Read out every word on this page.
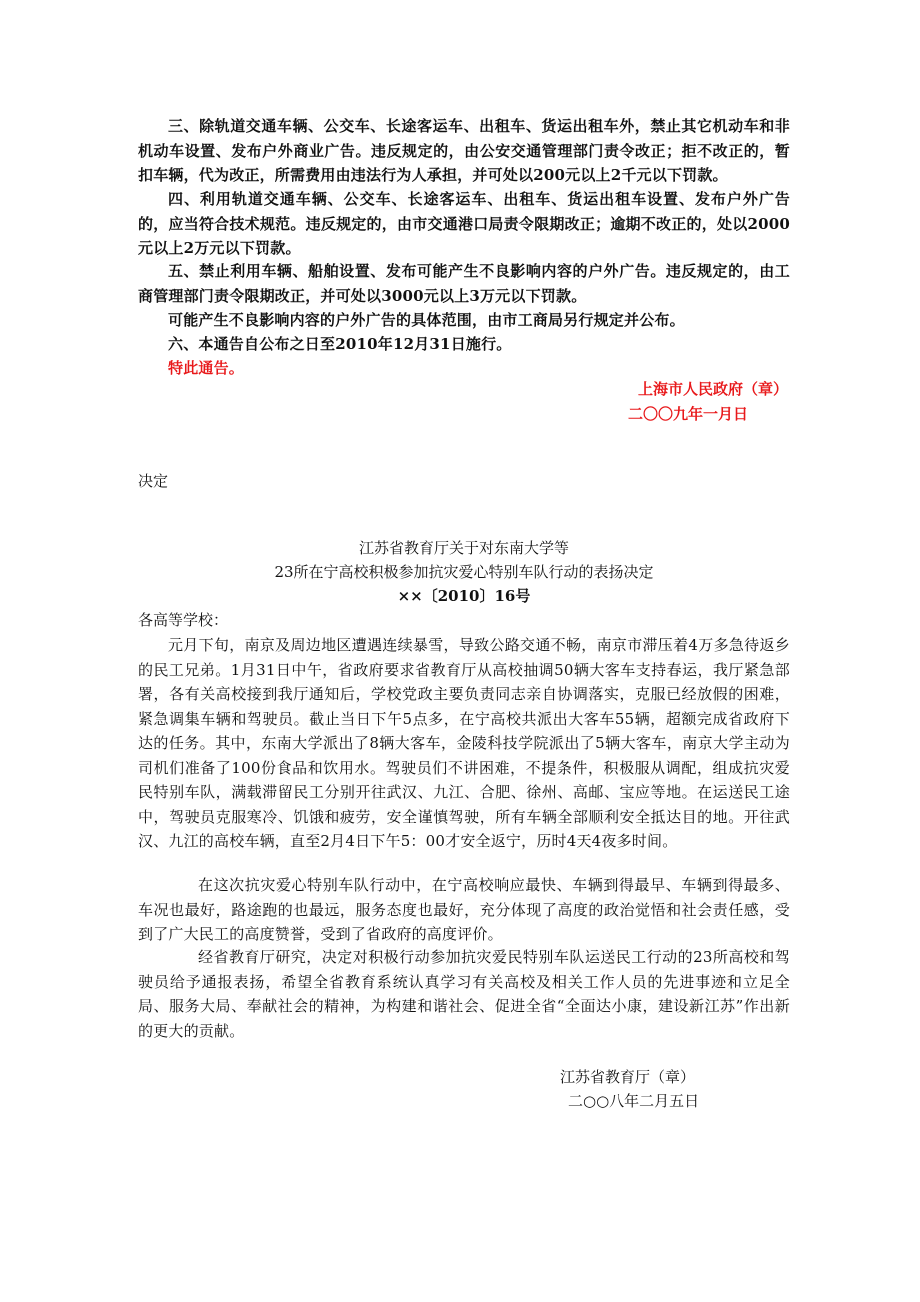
三、除轨道交通车辆、公交车、长途客运车、出租车、货运出租车外，禁止其它机动车和非机动车设置、发布户外商业广告。违反规定的，由公安交通管理部门责令改正；拒不改正的，暂扣车辆，代为改正，所需费用由违法行为人承担，并可处以200元以上2千元以下罚款。

四、利用轨道交通车辆、公交车、长途客运车、出租车、货运出租车设置、发布户外广告的，应当符合技术规范。违反规定的，由市交通港口局责令限期改正；逾期不改正的，处以2000元以上2万元以下罚款。

五、禁止利用车辆、船舶设置、发布可能产生不良影响内容的户外广告。违反规定的，由工商管理部门责令限期改正，并可处以3000元以上3万元以下罚款。

可能产生不良影响内容的户外广告的具体范围，由市工商局另行规定并公布。

六、本通告自公布之日至2010年12月31日施行。

特此通告。

上海市人民政府（章）

二〇〇九年一月日

决定

江苏省教育厅关于对东南大学等

23所在宁高校积极参加抗灾爱心特别车队行动的表扬决定

××〔2010〕16号

各高等学校：

元月下旬，南京及周边地区遭遇连续暴雪，导致公路交通不畅，南京市滞压着4万多急待返乡的民工兄弟。1月31日中午，省政府要求省教育厅从高校抽调50辆大客车支持春运，我厅紧急部署，各有关高校接到我厅通知后，学校党政主要负责同志亲自协调落实，克服已经放假的困难，紧急调集车辆和驾驶员。截止当日下午5点多，在宁高校共派出大客车55辆，超额完成省政府下达的任务。其中，东南大学派出了8辆大客车，金陵科技学院派出了5辆大客车，南京大学主动为司机们准备了100份食品和饮用水。驾驶员们不讲困难，不提条件，积极服从调配，组成抗灾爱民特别车队，满载滞留民工分别开往武汉、九江、合肥、徐州、高邮、宝应等地。在运送民工途中，驾驶员克服寒冷、饥饿和疲劳，安全谨慎驾驶，所有车辆全部顺利安全抵达目的地。开往武汉、九江的高校车辆，直至2月4日下午5：00才安全返宁，历时4天4夜多时间。

在这次抗灾爱心特别车队行动中，在宁高校响应最快、车辆到得最早、车辆到得最多、车况也最好，路途跑的也最远，服务态度也最好，充分体现了高度的政治觉悟和社会责任感，受到了广大民工的高度赞誉，受到了省政府的高度评价。

经省教育厅研究，决定对积极行动参加抗灾爱民特别车队运送民工行动的23所高校和驾驶员给予通报表扬，希望全省教育系统认真学习有关高校及相关工作人员的先进事迹和立足全局、服务大局、奉献社会的精神，为构建和谐社会、促进全省“全面达小康，建设新江苏”作出新的更大的贡献。

江苏省教育厅（章）

二○○八年二月五日
